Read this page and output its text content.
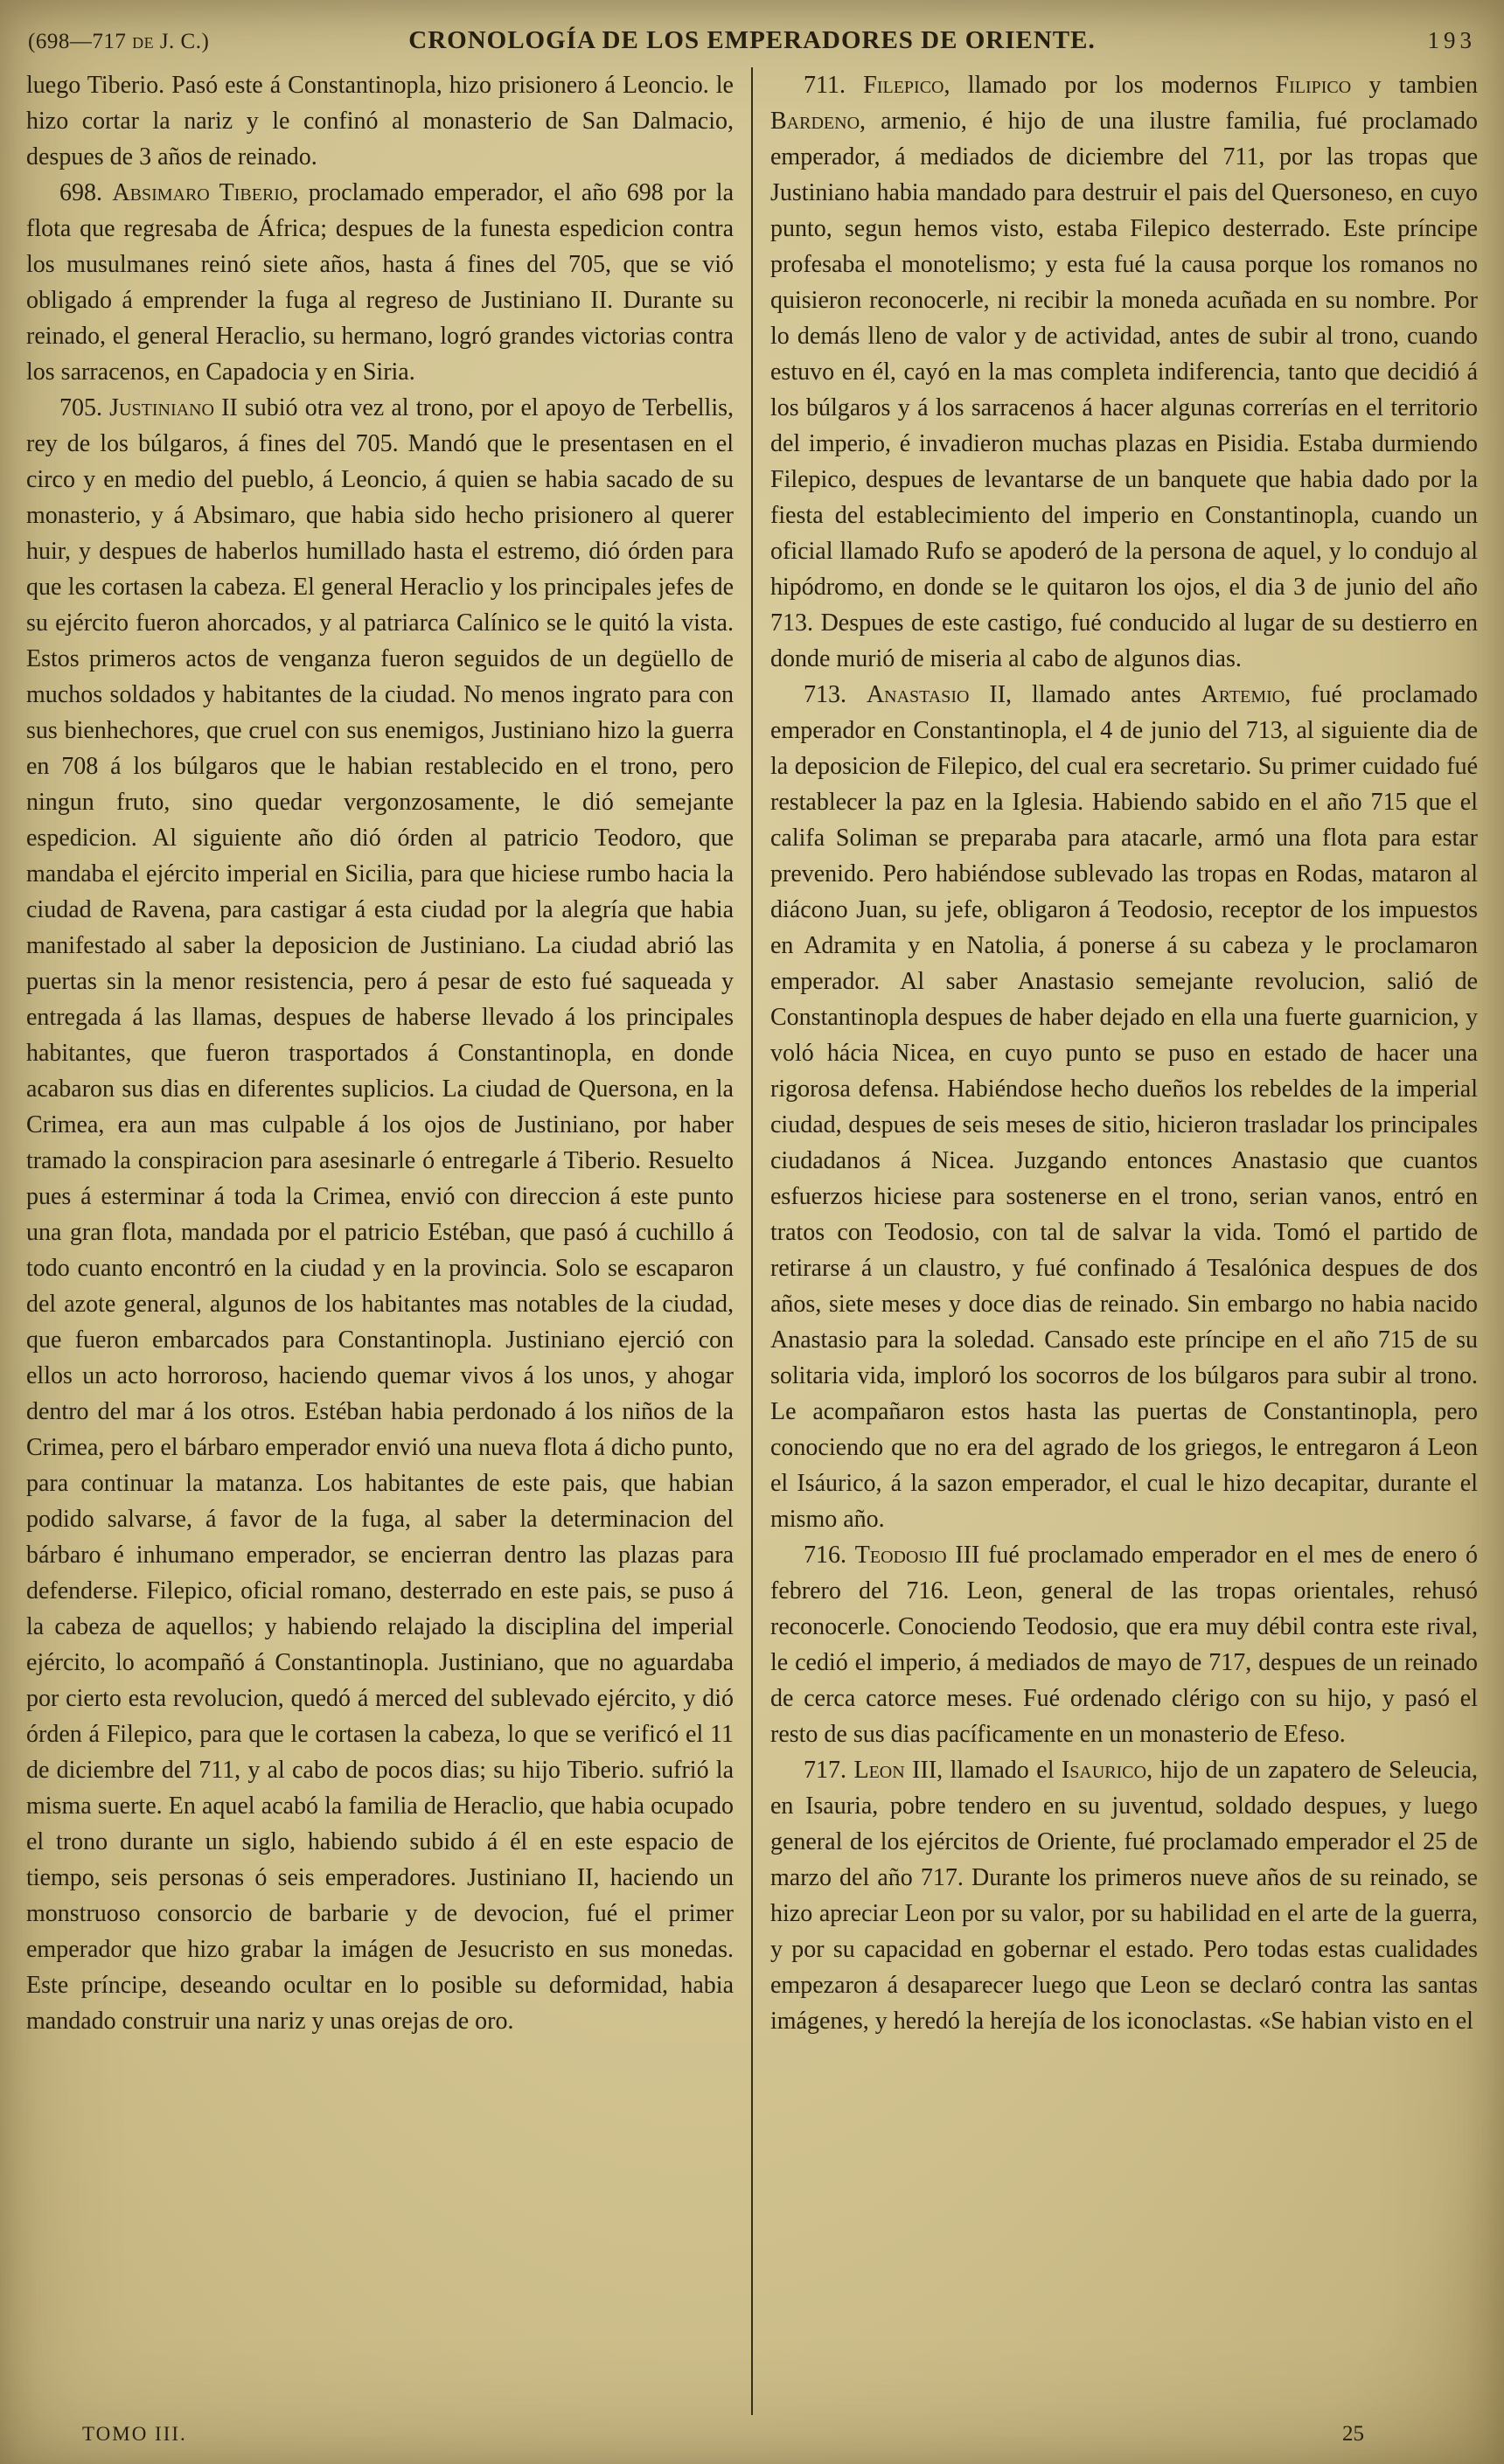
(698—717 de J. C.)	CRONOLOGÍA DE LOS EMPERADORES DE ORIENTE.	193

luego Tiberio. Pasó este á Constantinopla, hizo prisionero á Leoncio. le hizo cortar la nariz y le confinó al monasterio de San Dalmacio, despues de 3 años de reinado.

698. Absimaro Tiberio, proclamado emperador, el año 698 por la flota que regresaba de África; despues de la funesta espedicion contra los musulmanes reinó siete años, hasta á fines del 705, que se vió obligado á emprender la fuga al regreso de Justiniano II. Durante su reinado, el general Heraclio, su hermano, logró grandes victorias contra los sarracenos, en Capadocia y en Siria.

705. Justiniano II subió otra vez al trono, por el apoyo de Terbellis, rey de los búlgaros, á fines del 705. Mandó que le presentasen en el circo y en medio del pueblo, á Leoncio, á quien se habia sacado de su monasterio, y á Absimaro, que habia sido hecho prisionero al querer huir, y despues de haberlos humillado hasta el estremo, dió órden para que les cortasen la cabeza. El general Heraclio y los principales jefes de su ejército fueron ahorcados, y al patriarca Calínico se le quitó la vista. Estos primeros actos de venganza fueron seguidos de un degüello de muchos soldados y habitantes de la ciudad. No menos ingrato para con sus bienhechores, que cruel con sus enemigos, Justiniano hizo la guerra en 708 á los búlgaros que le habian restablecido en el trono, pero ningun fruto, sino quedar vergonzosamente, le dió semejante espedicion. Al siguiente año dió órden al patricio Teodoro, que mandaba el ejército imperial en Sicilia, para que hiciese rumbo hacia la ciudad de Ravena, para castigar á esta ciudad por la alegría que habia manifestado al saber la deposicion de Justiniano. La ciudad abrió las puertas sin la menor resistencia, pero á pesar de esto fué saqueada y entregada á las llamas, despues de haberse llevado á los principales habitantes, que fueron trasportados á Constantinopla, en donde acabaron sus dias en diferentes suplicios. La ciudad de Quersona, en la Crimea, era aun mas culpable á los ojos de Justiniano, por haber tramado la conspiracion para asesinarle ó entregarle á Tiberio. Resuelto pues á esterminar á toda la Crimea, envió con direccion á este punto una gran flota, mandada por el patricio Estéban, que pasó á cuchillo á todo cuanto encontró en la ciudad y en la provincia. Solo se escaparon del azote general, algunos de los habitantes mas notables de la ciudad, que fueron embarcados para Constantinopla. Justiniano ejerció con ellos un acto horroroso, haciendo quemar vivos á los unos, y ahogar dentro del mar á los otros. Estéban habia perdonado á los niños de la Crimea, pero el bárbaro emperador envió una nueva flota á dicho punto, para continuar la matanza. Los habitantes de este pais, que habian podido salvarse, á favor de la fuga, al saber la determinacion del bárbaro é inhumano emperador, se encierran dentro las plazas para defenderse. Filepico, oficial romano, desterrado en este pais, se puso á la cabeza de aquellos; y habiendo relajado la disciplina del imperial ejército, lo acompañó á Constantinopla. Justiniano, que no aguardaba por cierto esta revolucion, quedó á merced del sublevado ejército, y dió órden á Filepico, para que le cortasen la cabeza, lo que se verificó el 11 de diciembre del 711, y al cabo de pocos dias; su hijo Tiberio. sufrió la misma suerte. En aquel acabó la familia de Heraclio, que habia ocupado el trono durante un siglo, habiendo subido á él en este espacio de tiempo, seis personas ó seis emperadores. Justiniano II, haciendo un monstruoso consorcio de barbarie y de devocion, fué el primer emperador que hizo grabar la imágen de Jesucristo en sus monedas. Este príncipe, deseando ocultar en lo posible su deformidad, habia mandado construir una nariz y unas orejas de oro.

711. Filepico, llamado por los modernos Filipico y tambien Bardeno, armenio, é hijo de una ilustre familia, fué proclamado emperador, á mediados de diciembre del 711, por las tropas que Justiniano habia mandado para destruir el pais del Quersoneso, en cuyo punto, segun hemos visto, estaba Filepico desterrado. Este príncipe profesaba el monotelismo; y esta fué la causa porque los romanos no quisieron reconocerle, ni recibir la moneda acuñada en su nombre. Por lo demás lleno de valor y de actividad, antes de subir al trono, cuando estuvo en él, cayó en la mas completa indiferencia, tanto que decidió á los búlgaros y á los sarracenos á hacer algunas correrías en el territorio del imperio, é invadieron muchas plazas en Pisidia. Estaba durmiendo Filepico, despues de levantarse de un banquete que habia dado por la fiesta del establecimiento del imperio en Constantinopla, cuando un oficial llamado Rufo se apoderó de la persona de aquel, y lo condujo al hipódromo, en donde se le quitaron los ojos, el dia 3 de junio del año 713. Despues de este castigo, fué conducido al lugar de su destierro en donde murió de miseria al cabo de algunos dias.

713. Anastasio II, llamado antes Artemio, fué proclamado emperador en Constantinopla, el 4 de junio del 713, al siguiente dia de la deposicion de Filepico, del cual era secretario. Su primer cuidado fué restablecer la paz en la Iglesia. Habiendo sabido en el año 715 que el califa Soliman se preparaba para atacarle, armó una flota para estar prevenido. Pero habiéndose sublevado las tropas en Rodas, mataron al diácono Juan, su jefe, obligaron á Teodosio, receptor de los impuestos en Adramita y en Natolia, á ponerse á su cabeza y le proclamaron emperador. Al saber Anastasio semejante revolucion, salió de Constantinopla despues de haber dejado en ella una fuerte guarnicion, y voló hácia Nicea, en cuyo punto se puso en estado de hacer una rigorosa defensa. Habiéndose hecho dueños los rebeldes de la imperial ciudad, despues de seis meses de sitio, hicieron trasladar los principales ciudadanos á Nicea. Juzgando entonces Anastasio que cuantos esfuerzos hiciese para sostenerse en el trono, serian vanos, entró en tratos con Teodosio, con tal de salvar la vida. Tomó el partido de retirarse á un claustro, y fué confinado á Tesalónica despues de dos años, siete meses y doce dias de reinado. Sin embargo no habia nacido Anastasio para la soledad. Cansado este príncipe en el año 715 de su solitaria vida, imploró los socorros de los búlgaros para subir al trono. Le acompañaron estos hasta las puertas de Constantinopla, pero conociendo que no era del agrado de los griegos, le entregaron á Leon el Isáurico, á la sazon emperador, el cual le hizo decapitar, durante el mismo año.

716. Teodosio III fué proclamado emperador en el mes de enero ó febrero del 716. Leon, general de las tropas orientales, rehusó reconocerle. Conociendo Teodosio, que era muy débil contra este rival, le cedió el imperio, á mediados de mayo de 717, despues de un reinado de cerca catorce meses. Fué ordenado clérigo con su hijo, y pasó el resto de sus dias pacíficamente en un monasterio de Efeso.

717. Leon III, llamado el Isaurico, hijo de un zapatero de Seleucia, en Isauria, pobre tendero en su juventud, soldado despues, y luego general de los ejércitos de Oriente, fué proclamado emperador el 25 de marzo del año 717. Durante los primeros nueve años de su reinado, se hizo apreciar Leon por su valor, por su habilidad en el arte de la guerra, y por su capacidad en gobernar el estado. Pero todas estas cualidades empezaron á desaparecer luego que Leon se declaró contra las santas imágenes, y heredó la herejía de los iconoclastas. «Se habian visto en el

TOMO III.	25
